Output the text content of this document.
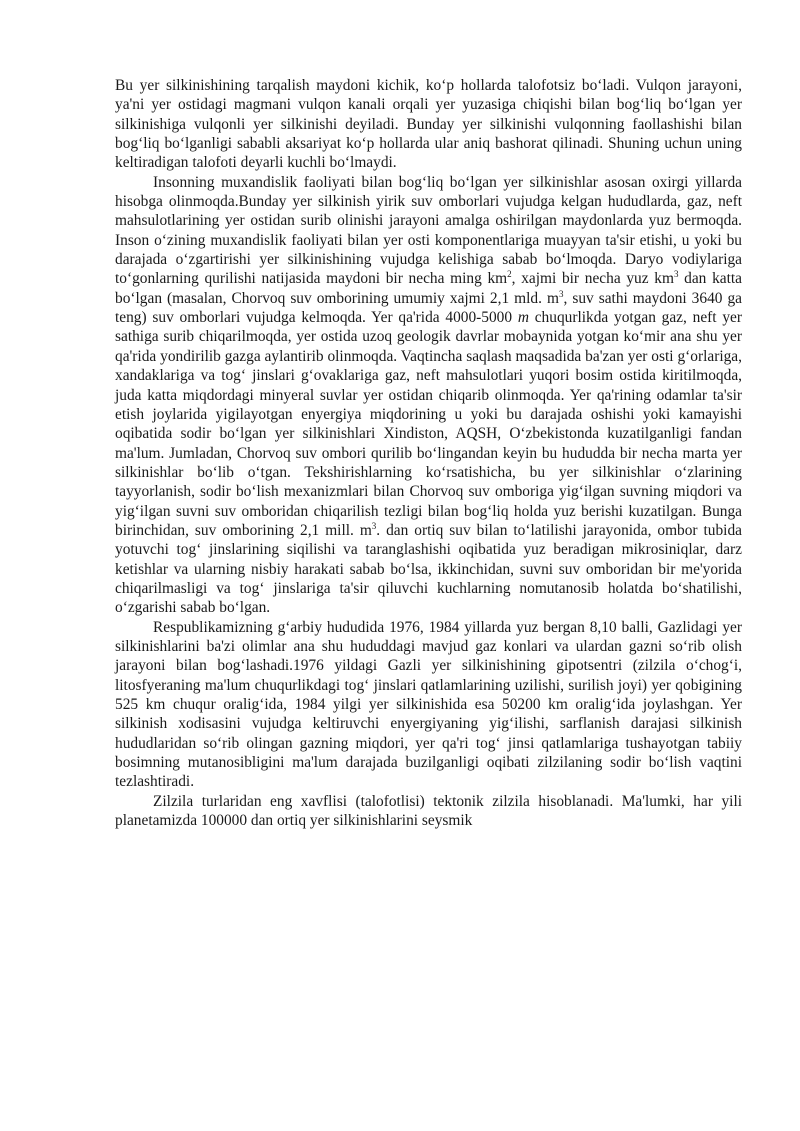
Bu yer silkinishining tarqalish maydoni kichik, koʻp hollarda talofotsiz boʻladi. Vulqon jarayoni, ya'ni yer ostidagi magmani vulqon kanali orqali yer yuzasiga chiqishi bilan bogʻliq boʻlgan yer silkinishiga vulqonli yer silkinishi deyiladi. Bunday yer silkinishi vulqonning faollashishi bilan bogʻliq boʻlganligi sababli aksariyat koʻp hollarda ular aniq bashorat qilinadi. Shuning uchun uning keltiradigan talofoti deyarli kuchli boʻlmaydi.

Insonning muxandislik faoliyati bilan bogʻliq boʻlgan yer silkinishlar asosan oxirgi yillarda hisobga olinmoqda.Bunday yer silkinish yirik suv omborlari vujudga kelgan hududlarda, gaz, neft mahsulotlarining yer ostidan surib olinishi jarayoni amalga oshirilgan maydonlarda yuz bermoqda. Inson oʻzining muxandislik faoliyati bilan yer osti komponentlariga muayyan ta'sir etishi, u yoki bu darajada oʻzgartirishi yer silkinishining vujudga kelishiga sabab boʻlmoqda. Daryo vodiylariga toʻgonlarning qurilishi natijasida maydoni bir necha ming $km^2$, xajmi bir necha yuz $km^3$ dan katta boʻlgan (masalan, Chorvoq suv omborining umumiy xajmi 2,1 mld. $m^3$, suv sathi maydoni 3640 ga teng) suv omborlari vujudga kelmoqda. Yer qa'rida 4000-5000 m chuqurlikda yotgan gaz, neft yer sathiga surib chiqarilmoqda, yer ostida uzoq geologik davrlar mobaynida yotgan koʻmir ana shu yer qa'rida yondirilib gazga aylantirib olinmoqda. Vaqtincha saqlash maqsadida ba'zan yer osti gʻorlariga, xandaklariga va togʻ jinslari gʻovaklariga gaz, neft mahsulotlari yuqori bosim ostida kiritilmoqda, juda katta miqdordagi minyeral suvlar yer ostidan chiqarib olinmoqda. Yer qa'rining odamlar ta'sir etish joylarida yigilayotgan enyergiya miqdorining u yoki bu darajada oshishi yoki kamayishi oqibatida sodir boʻlgan yer silkinishlari Xindiston, AQSH, Oʻzbekistonda kuzatilganligi fandan ma'lum. Jumladan, Chorvoq suv ombori qurilib boʻlingandan keyin bu hududda bir necha marta yer silkinishlar boʻlib oʻtgan. Tekshirishlarning koʻrsatishicha, bu yer silkinishlar oʻzlarining tayyorlanish, sodir boʻlish mexanizmlari bilan Chorvoq suv omboriga yigʻilgan suvning miqdori va yigʻilgan suvni suv omboridan chiqarilish tezligi bilan bogʻliq holda yuz berishi kuzatilgan. Bunga birinchidan, suv omborining 2,1 mill. $m^3$. dan ortiq suv bilan toʻlatilishi jarayonida, ombor tubida yotuvchi togʻ jinslarining siqilishi va taranglashishi oqibatida yuz beradigan mikrosiniqlar, darz ketishlar va ularning nisbiy harakati sabab boʻlsa, ikkinchidan, suvni suv omboridan bir me'yorida chiqarilmasligi va togʻ jinslariga ta'sir qiluvchi kuchlarning nomutanosib holatda boʻshatilishi, oʻzgarishi sabab boʻlgan.

Respublikamizning gʻarbiy hududida 1976, 1984 yillarda yuz bergan 8,10 balli, Gazlidagi yer silkinishlarini ba'zi olimlar ana shu hududdagi mavjud gaz konlari va ulardan gazni soʻrib olish jarayoni bilan bogʻlashadi.1976 yildagi Gazli yer silkinishining gipotsentri (zilzila oʻchogʻi, litosfyeraning ma'lum chuqurlikdagi togʻ jinslari qatlamlarining uzilishi, surilish joyi) yer qobigining 525 km chuqur oraligʻida, 1984 yilgi yer silkinishida esa 50200 km oraligʻida joylashgan. Yer silkinish xodisasini vujudga keltiruvchi enyergiyaning yigʻilishi, sarflanish darajasi silkinish hududlaridan soʻrib olingan gazning miqdori, yer qa'ri togʻ jinsi qatlamlariga tushayotgan tabiiy bosimning mutanosibligini ma'lum darajada buzilganligi oqibati zilzilaning sodir boʻlish vaqtini tezlashtiradi.

Zilzila turlaridan eng xavflisi (talofotlisi) tektonik zilzila hisoblanadi. Ma'lumki, har yili planetamizda 100000 dan ortiq yer silkinishlarini seysmik
